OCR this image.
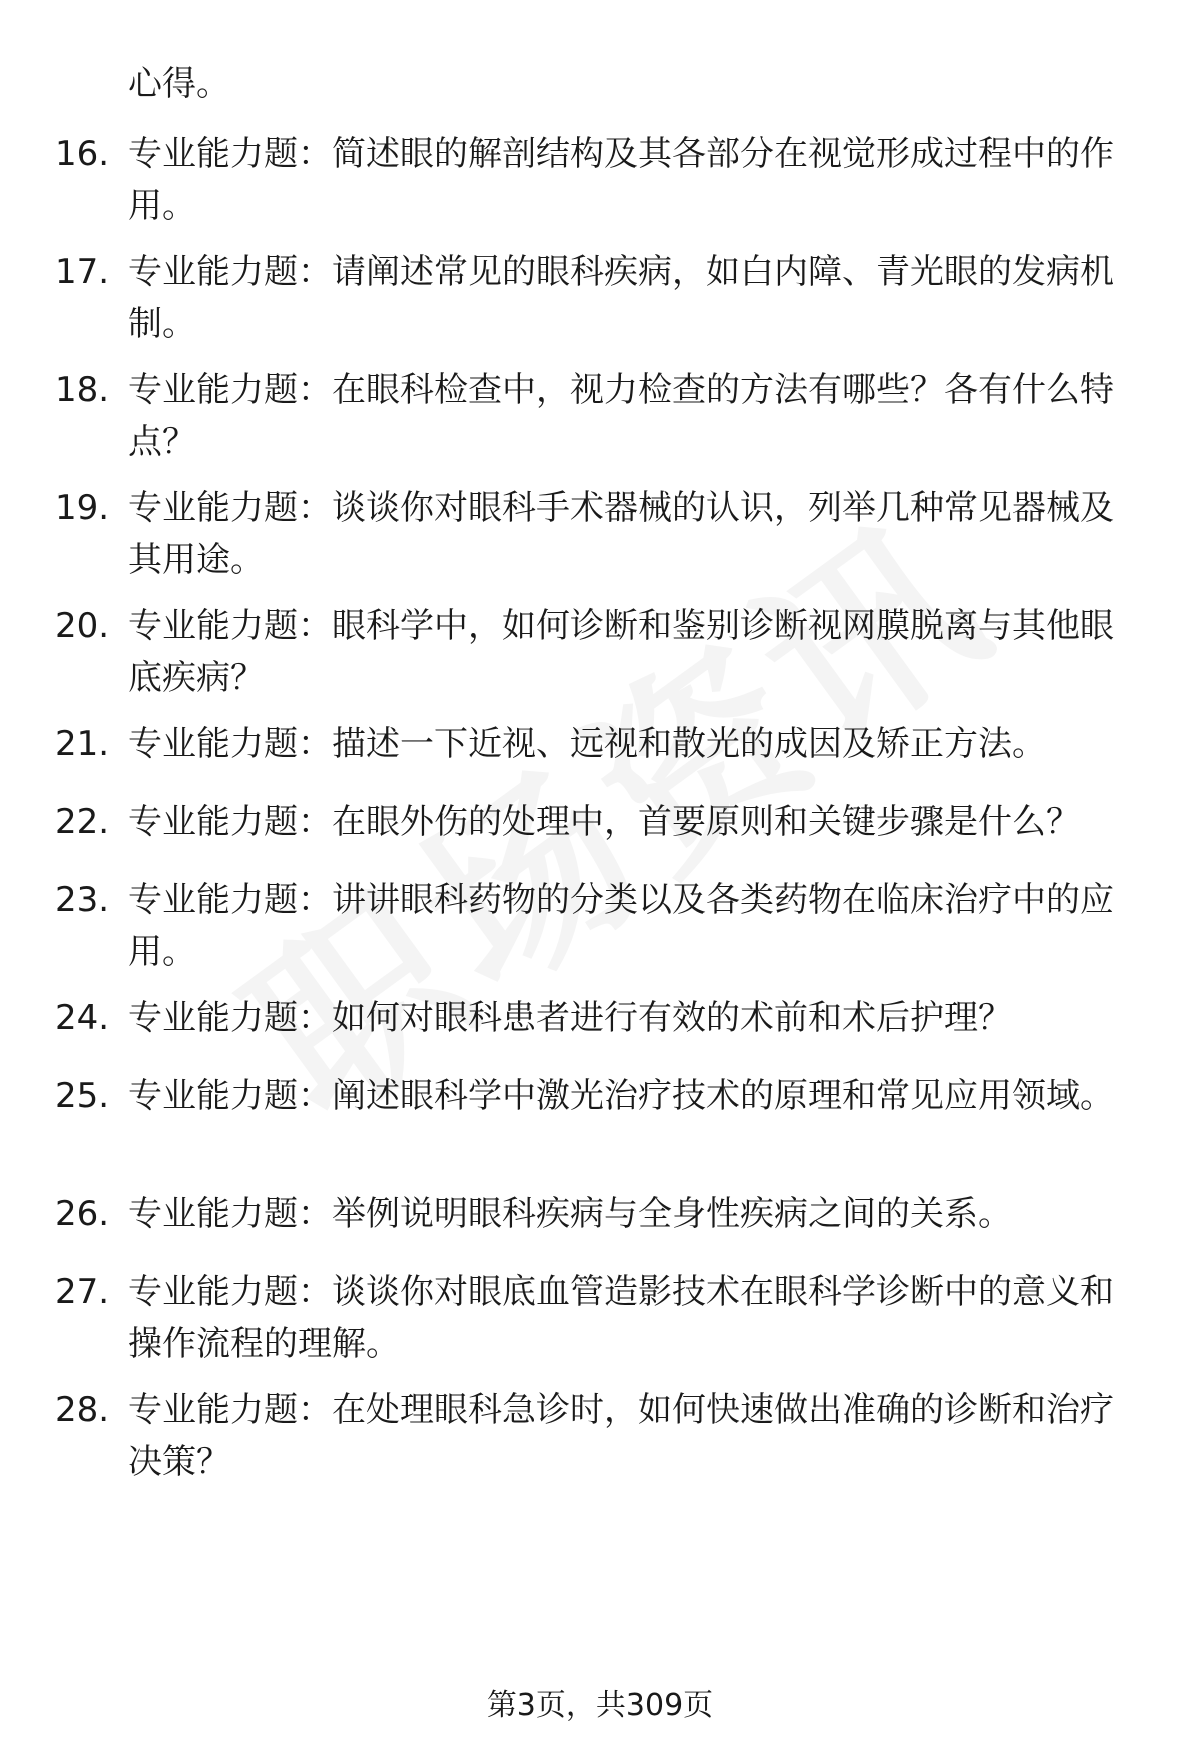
心得。

16. 专业能力题：简述眼的解剖结构及其各部分在视觉形成过程中的作用。

17. 专业能力题：请阐述常见的眼科疾病，如白内障、青光眼的发病机制。

18. 专业能力题：在眼科检查中，视力检查的方法有哪些？各有什么特点？

19. 专业能力题：谈谈你对眼科手术器械的认识，列举几种常见器械及其用途。

20. 专业能力题：眼科学中，如何诊断和鉴别诊断视网膜脱离与其他眼底疾病？

21. 专业能力题：描述一下近视、远视和散光的成因及矫正方法。

22. 专业能力题：在眼外伤的处理中，首要原则和关键步骤是什么？

23. 专业能力题：讲讲眼科药物的分类以及各类药物在临床治疗中的应用。

24. 专业能力题：如何对眼科患者进行有效的术前和术后护理？

25. 专业能力题：阐述眼科学中激光治疗技术的原理和常见应用领域。

26. 专业能力题：举例说明眼科疾病与全身性疾病之间的关系。

27. 专业能力题：谈谈你对眼底血管造影技术在眼科学诊断中的意义和操作流程的理解。

28. 专业能力题：在处理眼科急诊时，如何快速做出准确的诊断和治疗决策？

第3页，共309页
